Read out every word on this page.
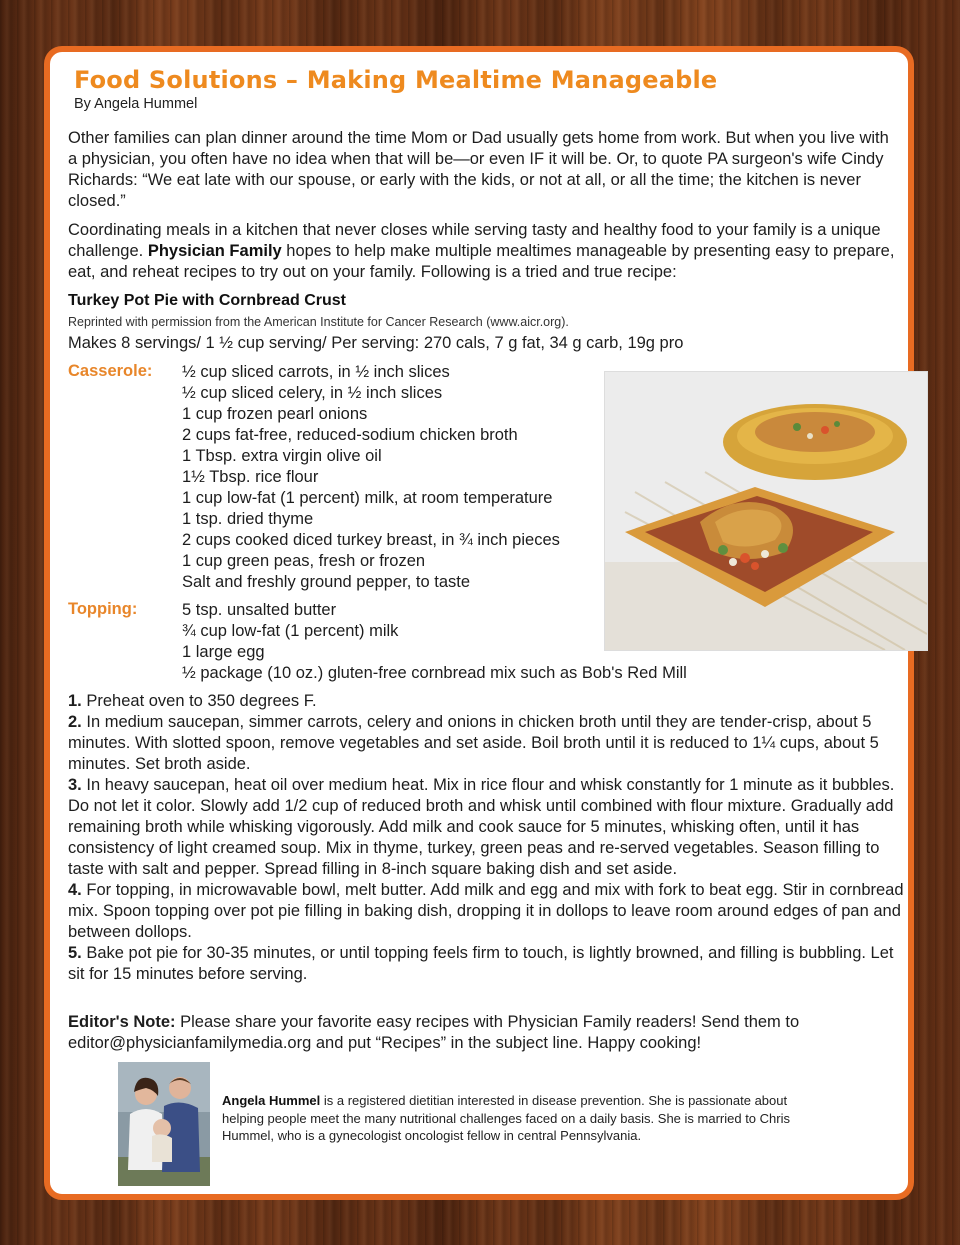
Food Solutions – Making Mealtime Manageable
By Angela Hummel

Other families can plan dinner around the time Mom or Dad usually gets home from work. But when you live with a physician, you often have no idea when that will be—or even IF it will be. Or, to quote PA surgeon's wife Cindy Richards: “We eat late with our spouse, or early with the kids, or not at all, or all the time; the kitchen is never closed.”

Coordinating meals in a kitchen that never closes while serving tasty and healthy food to your family is a unique challenge. Physician Family hopes to help make multiple mealtimes manageable by presenting easy to prepare, eat, and reheat recipes to try out on your family. Following is a tried and true recipe:

Turkey Pot Pie with Cornbread Crust
Reprinted with permission from the American Institute for Cancer Research (www.aicr.org).
Makes 8 servings/ 1 ½ cup serving/ Per serving: 270 cals, 7 g fat, 34 g carb, 19g pro
Casserole: ½ cup sliced carrots, in ½ inch slices
½ cup sliced celery, in ½ inch slices
1 cup frozen pearl onions
2 cups fat-free, reduced-sodium chicken broth
1 Tbsp. extra virgin olive oil
1½ Tbsp. rice flour
1 cup low-fat (1 percent) milk, at room temperature
1 tsp. dried thyme
2 cups cooked diced turkey breast, in ¾ inch pieces
1 cup green peas, fresh or frozen
Salt and freshly ground pepper, to taste
Topping:	5 tsp. unsalted butter
¾ cup low-fat (1 percent) milk
1 large egg
½ package (10 oz.) gluten-free cornbread mix such as Bob's Red Mill
1. Preheat oven to 350 degrees F.
2. In medium saucepan, simmer carrots, celery and onions in chicken broth until they are tender-crisp, about 5 minutes. With slotted spoon, remove vegetables and set aside. Boil broth until it is reduced to 1¼ cups, about 5 minutes. Set broth aside.
3. In heavy saucepan, heat oil over medium heat. Mix in rice flour and whisk constantly for 1 minute as it bubbles. Do not let it color. Slowly add 1/2 cup of reduced broth and whisk until combined with flour mixture. Gradually add remaining broth while whisking vigorously. Add milk and cook sauce for 5 minutes, whisking often, until it has consistency of light creamed soup. Mix in thyme, turkey, green peas and re-served vegetables. Season filling to taste with salt and pepper. Spread filling in 8-inch square baking dish and set aside.
4. For topping, in microwavable bowl, melt butter. Add milk and egg and mix with fork to beat egg. Stir in cornbread mix. Spoon topping over pot pie filling in baking dish, dropping it in dollops to leave room around edges of pan and between dollops.
5. Bake pot pie for 30-35 minutes, or until topping feels firm to touch, is lightly browned, and filling is bubbling. Let sit for 15 minutes before serving.
Editor's Note: Please share your favorite easy recipes with Physician Family readers! Send them to editor@physicianfamilymedia.org and put “Recipes” in the subject line. Happy cooking!
Angela Hummel is a registered dietitian interested in disease prevention. She is passionate about helping people meet the many nutritional challenges faced on a daily basis. She is married to Chris Hummel, who is a gynecologist oncologist fellow in central Pennsylvania.
